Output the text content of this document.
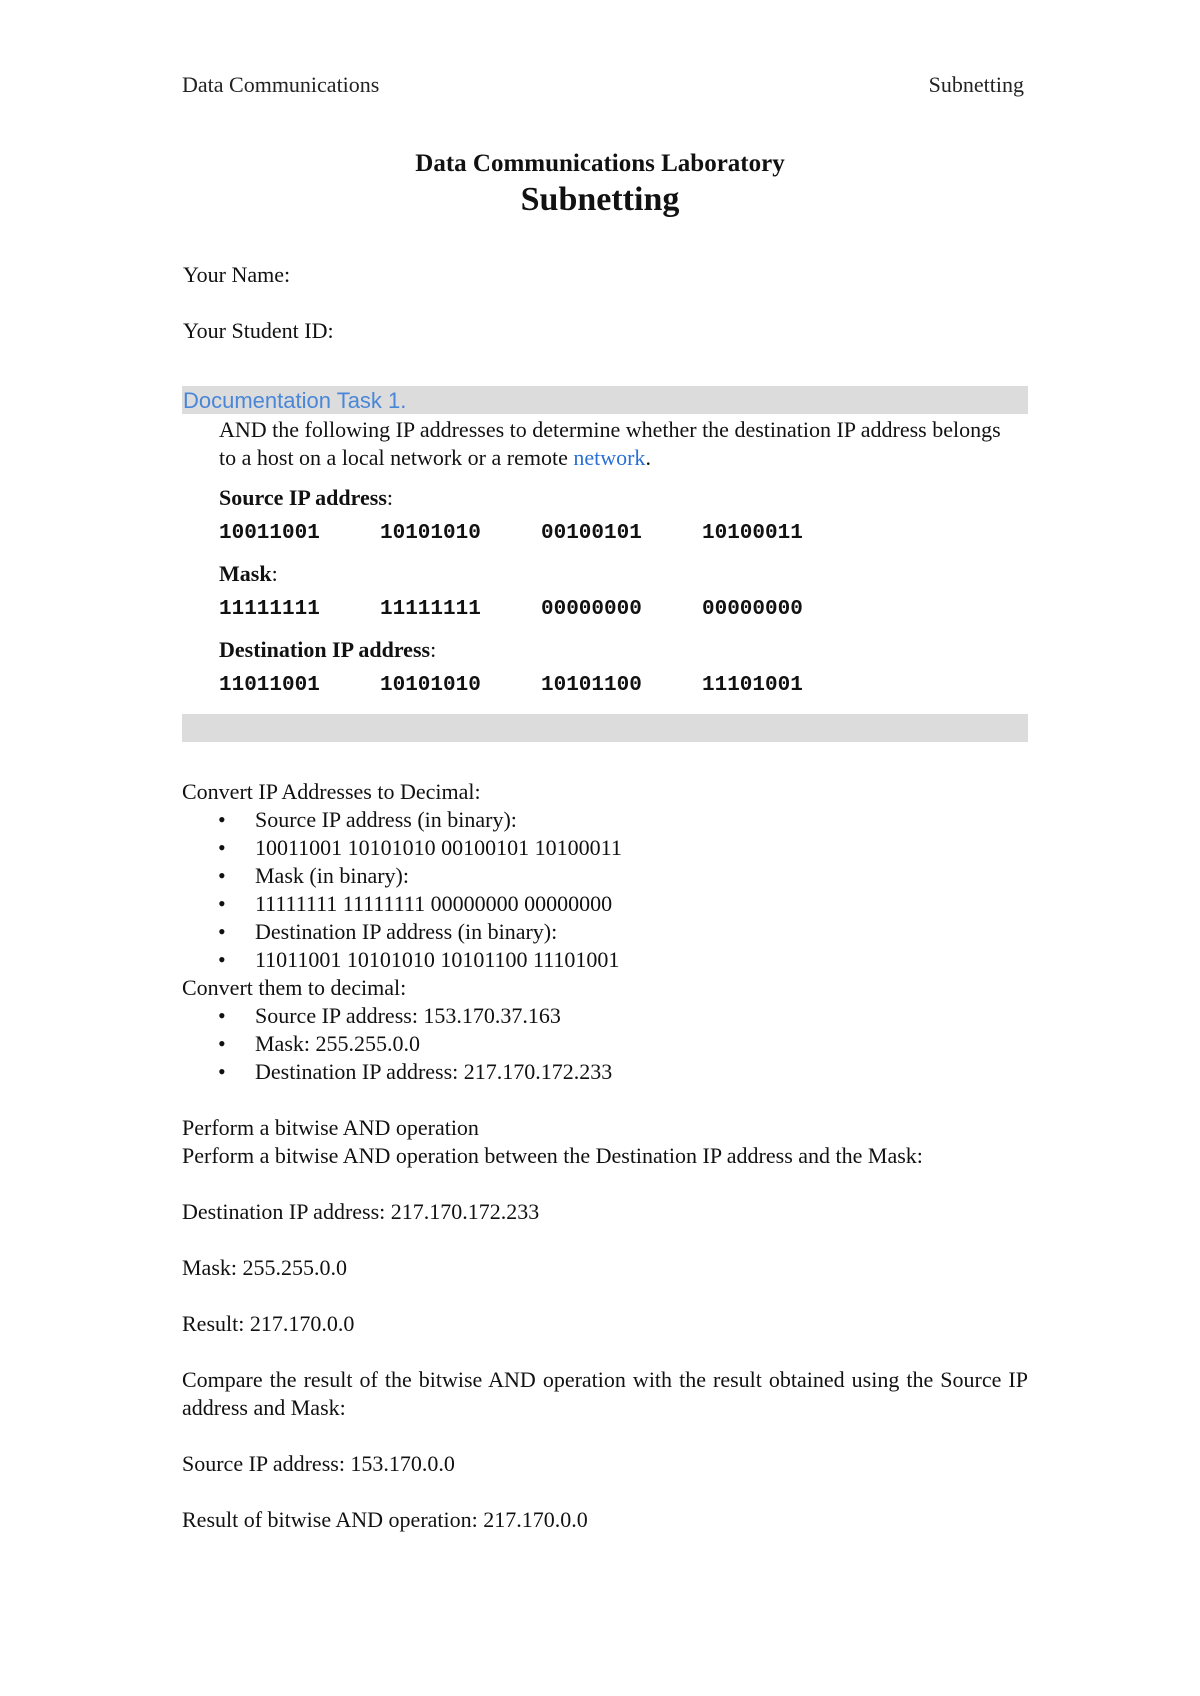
Data Communications	Subnetting
Data Communications Laboratory
Subnetting
Your Name:
Your Student ID:
Documentation Task 1.
AND the following IP addresses to determine whether the destination IP address belongs to a host on a local network or a remote network.
Source IP address:
10011001	10101010	00100101	10100011
Mask:
11111111	11111111	00000000	00000000
Destination IP address:
11011001	10101010	10101100	11101001

Convert IP Addresses to Decimal:

• Source IP address (in binary):
• 10011001 10101010 00100101 10100011
• Mask (in binary):
• 11111111 11111111 00000000 00000000
• Destination IP address (in binary):
• 11011001 10101010 10101100 11101001

Convert them to decimal:

• Source IP address: 153.170.37.163
• Mask: 255.255.0.0
• Destination IP address: 217.170.172.233

Perform a bitwise AND operation

Perform a bitwise AND operation between the Destination IP address and the Mask:

Destination IP address: 217.170.172.233

Mask: 255.255.0.0

Result: 217.170.0.0

Compare the result of the bitwise AND operation with the result obtained using the Source IP address and Mask:

Source IP address: 153.170.0.0

Result of bitwise AND operation: 217.170.0.0
